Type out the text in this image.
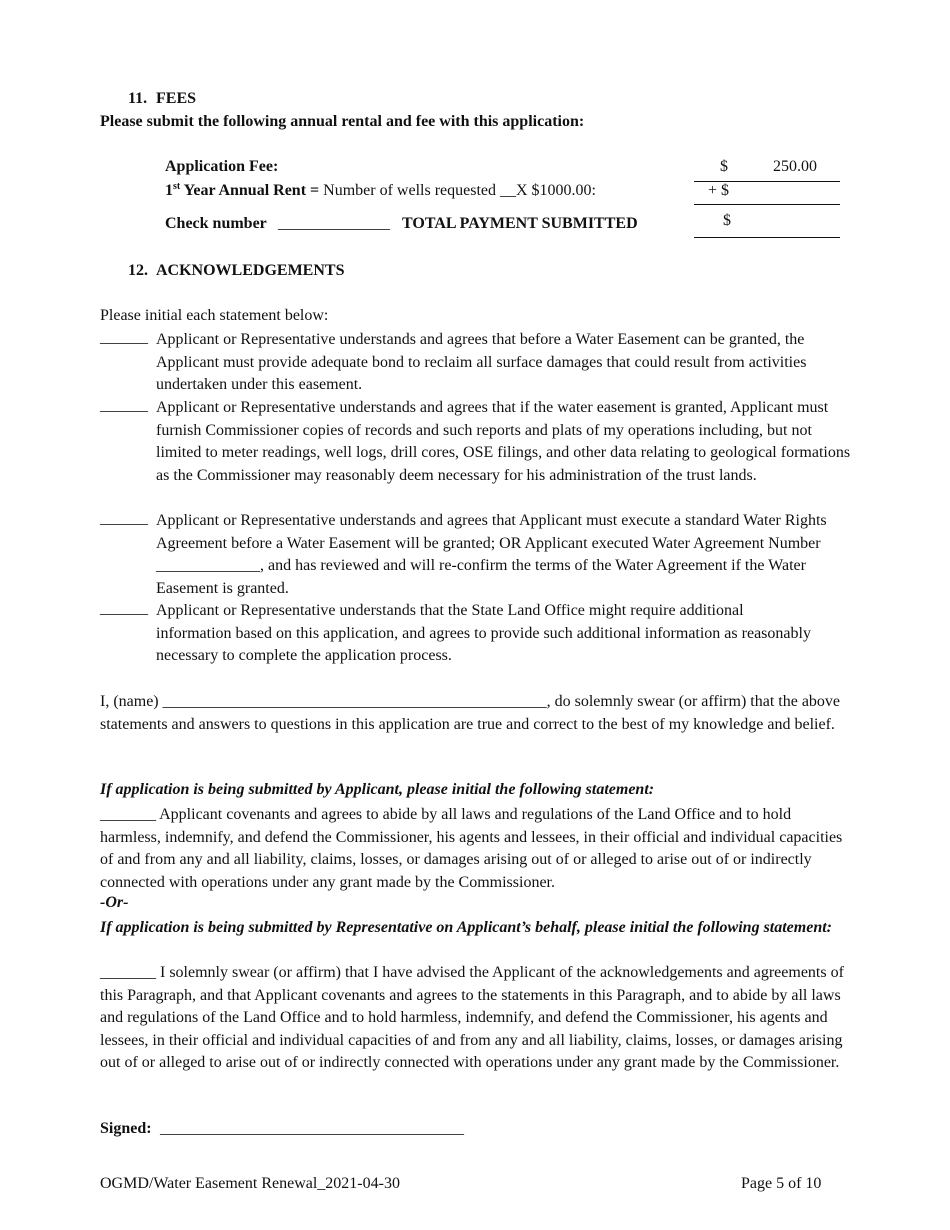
11. FEES
Please submit the following annual rental and fee with this application:
Application Fee:	$	250.00
1st Year Annual Rent = Number of wells requested __X $1000.00:	+ $
Check number ______________ TOTAL PAYMENT SUBMITTED	$
12. ACKNOWLEDGEMENTS
Please initial each statement below:
______ Applicant or Representative understands and agrees that before a Water Easement can be granted, the Applicant must provide adequate bond to reclaim all surface damages that could result from activities undertaken under this easement.
______ Applicant or Representative understands and agrees that if the water easement is granted, Applicant must furnish Commissioner copies of records and such reports and plats of my operations including, but not limited to meter readings, well logs, drill cores, OSE filings, and other data relating to geological formations as the Commissioner may reasonably deem necessary for his administration of the trust lands.
______ Applicant or Representative understands and agrees that Applicant must execute a standard Water Rights Agreement before a Water Easement will be granted; OR Applicant executed Water Agreement Number _____________, and has reviewed and will re-confirm the terms of the Water Agreement if the Water Easement is granted.
______ Applicant or Representative understands that the State Land Office might require additional information based on this application, and agrees to provide such additional information as reasonably necessary to complete the application process.
I, (name) ________________________________________________, do solemnly swear (or affirm) that the above statements and answers to questions in this application are true and correct to the best of my knowledge and belief.
If application is being submitted by Applicant, please initial the following statement:
_______ Applicant covenants and agrees to abide by all laws and regulations of the Land Office and to hold harmless, indemnify, and defend the Commissioner, his agents and lessees, in their official and individual capacities of and from any and all liability, claims, losses, or damages arising out of or alleged to arise out of or indirectly connected with operations under any grant made by the Commissioner.
-Or-
If application is being submitted by Representative on Applicant’s behalf, please initial the following statement:
_______ I solemnly swear (or affirm) that I have advised the Applicant of the acknowledgements and agreements of this Paragraph, and that Applicant covenants and agrees to the statements in this Paragraph, and to abide by all laws and regulations of the Land Office and to hold harmless, indemnify, and defend the Commissioner, his agents and lessees, in their official and individual capacities of and from any and all liability, claims, losses, or damages arising out of or alleged to arise out of or indirectly connected with operations under any grant made by the Commissioner.
Signed: ______________________________________
OGMD/Water Easement Renewal_2021-04-30	Page 5 of 10
